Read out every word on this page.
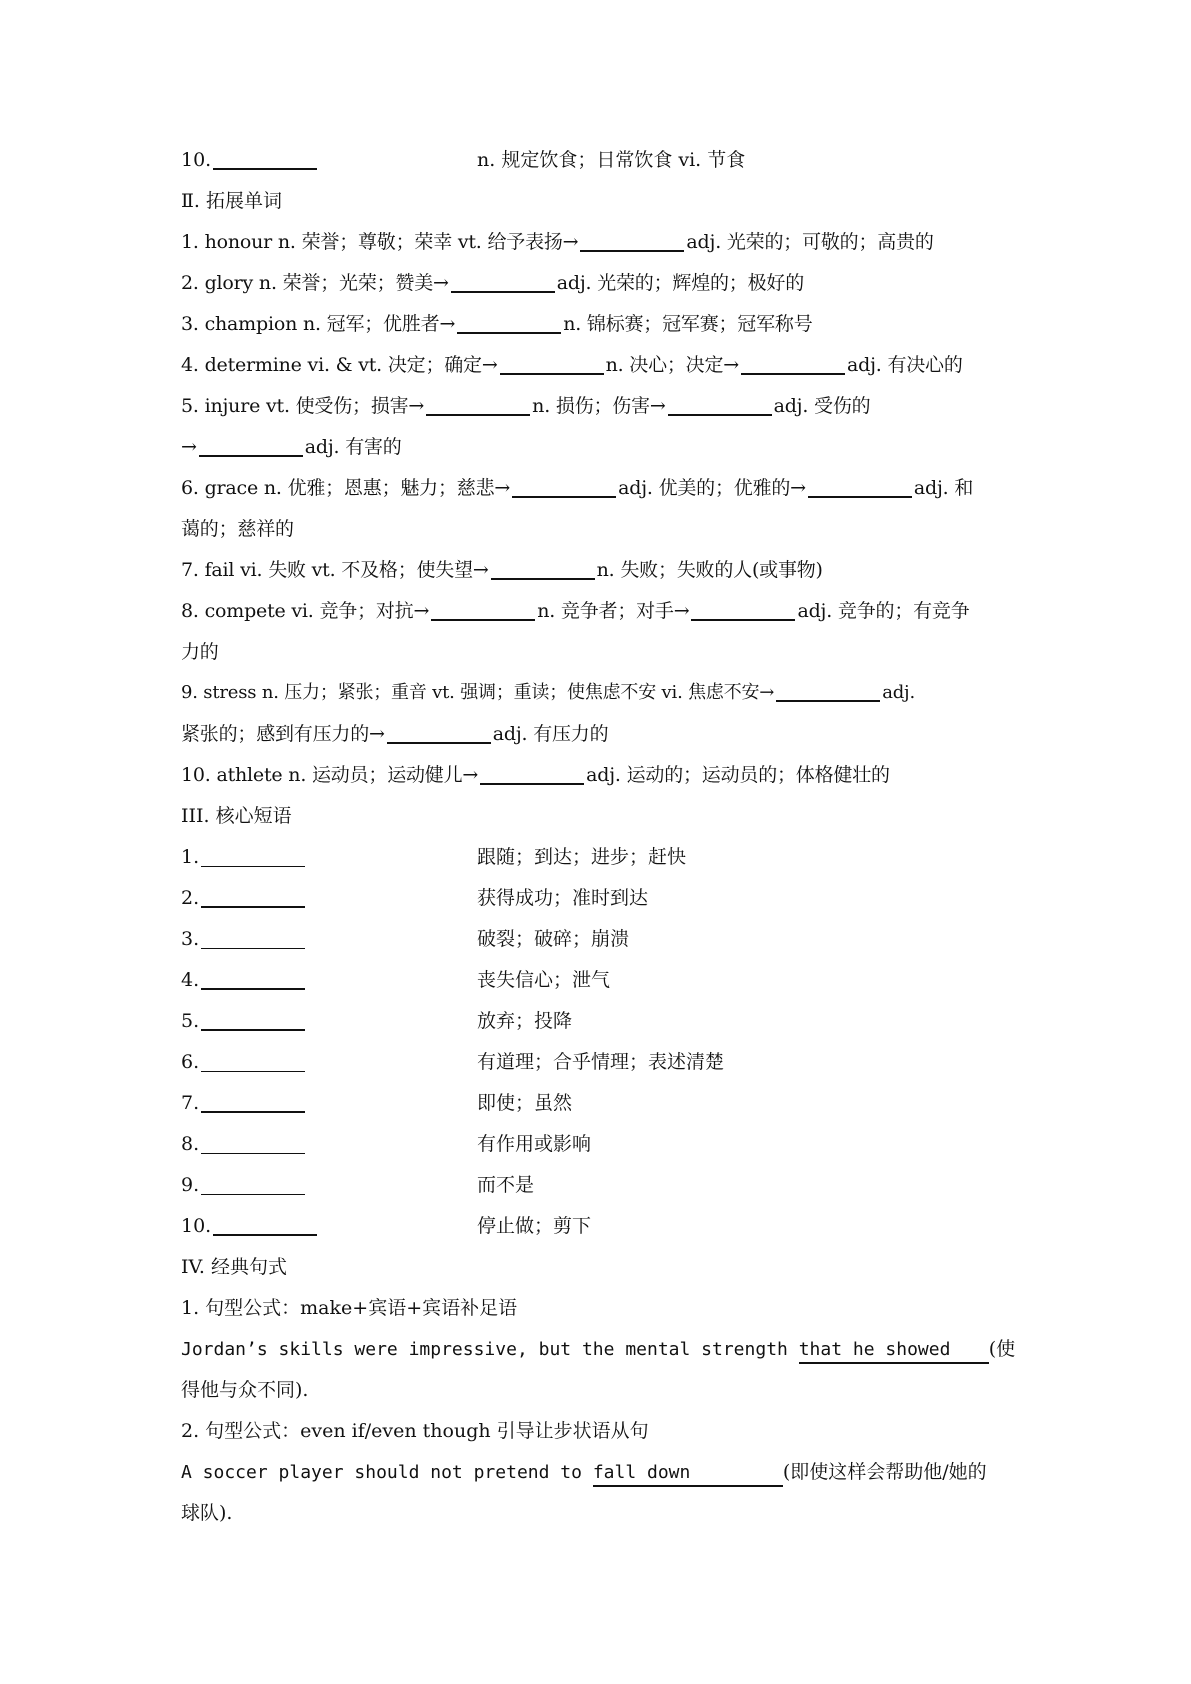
10.	n. 规定饮食；日常饮食 vi. 节食
Ⅱ. 拓展单词
1. honour n. 荣誉；尊敬；荣幸 vt. 给予表扬→	adj. 光荣的；可敬的；高贵的
2. glory n. 荣誉；光荣；赞美→	adj. 光荣的；辉煌的；极好的
3. champion n. 冠军；优胜者→	n. 锦标赛；冠军赛；冠军称号
4. determine vi. & vt. 决定；确定→	n. 决心；决定→	adj. 有决心的
5. injure vt. 使受伤；损害→	n. 损伤；伤害→	adj. 受伤的
→	adj. 有害的
6. grace n. 优雅；恩惠；魅力；慈悲→	adj. 优美的；优雅的→	adj. 和
蔼的；慈祥的
7. fail vi. 失败 vt. 不及格；使失望→	n. 失败；失败的人(或事物)
8. compete vi. 竞争；对抗→	n. 竞争者；对手→	adj. 竞争的；有竞争
力的
9. stress n. 压力；紧张；重音 vt. 强调；重读；使焦虑不安 vi. 焦虑不安→	adj.
紧张的；感到有压力的→	adj. 有压力的
10. athlete n. 运动员；运动健儿→	adj. 运动的；运动员的；体格健壮的
III. 核心短语
1.	跟随；到达；进步；赶快
2.	获得成功；准时到达
3.	破裂；破碎；崩溃
4.	丧失信心；泄气
5.	放弃；投降
6.	有道理；合乎情理；表述清楚
7.	即使；虽然
8.	有作用或影响
9.	而不是
10.	停止做；剪下
IV. 经典句式
1. 句型公式：make+宾语+宾语补足语
Jordan’s skills were impressive, but the mental strength that he showed (使
得他与众不同).
2. 句型公式：even if/even though 引导让步状语从句
A soccer player should not pretend to fall down	(即使这样会帮助他/她的
球队).
